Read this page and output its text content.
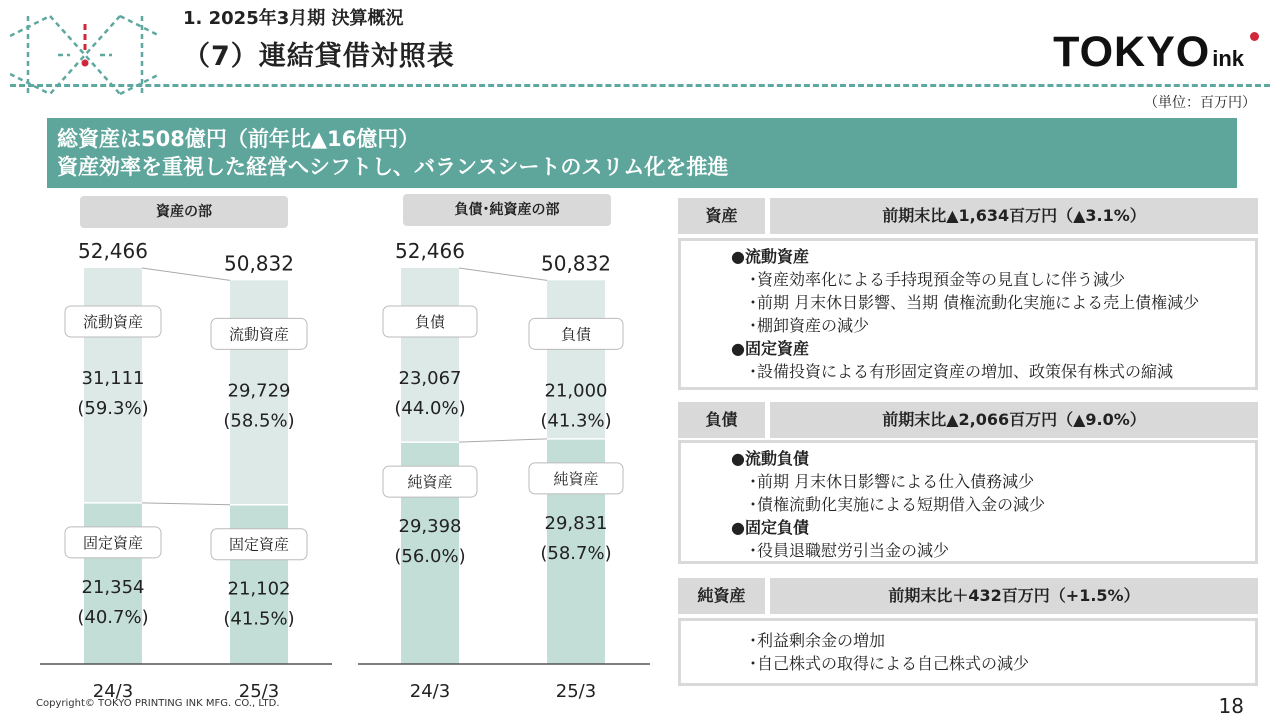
1. 2025年3月期 決算概況
（7）連結貸借対照表	TOKYOink
（単位：百万円）
総資産は508億円（前年比▲16億円）
資産効率を重視した経営へシフトし、バランスシートのスリム化を推進
資産の部	負債･純資産の部
52,466
流動資産
31,111
(59.3%)
固定資産
21,354
(40.7%)
24/3
50,832
流動資産
29,729
(58.5%)
固定資産
21,102
(41.5%)
25/3
52,466
負債
23,067
(44.0%)
純資産
29,398
(56.0%)
24/3
50,832
負債
21,000
(41.3%)
純資産
29,831
(58.7%)
25/3
資産	前期末比▲1,634百万円（▲3.1%）
●流動資産
･資産効率化による手持現預金等の見直しに伴う減少
･前期 月末休日影響、当期 債権流動化実施による売上債権減少
･棚卸資産の減少
●固定資産
･設備投資による有形固定資産の増加、政策保有株式の縮減
負債	前期末比▲2,066百万円（▲9.0%）
●流動負債
･前期 月末休日影響による仕入債務減少
･債権流動化実施による短期借入金の減少
●固定負債
･役員退職慰労引当金の減少
純資産	前期末比＋432百万円（+1.5%）
･利益剰余金の増加
･自己株式の取得による自己株式の減少
Copyright© TOKYO PRINTING INK MFG. CO., LTD.	18
